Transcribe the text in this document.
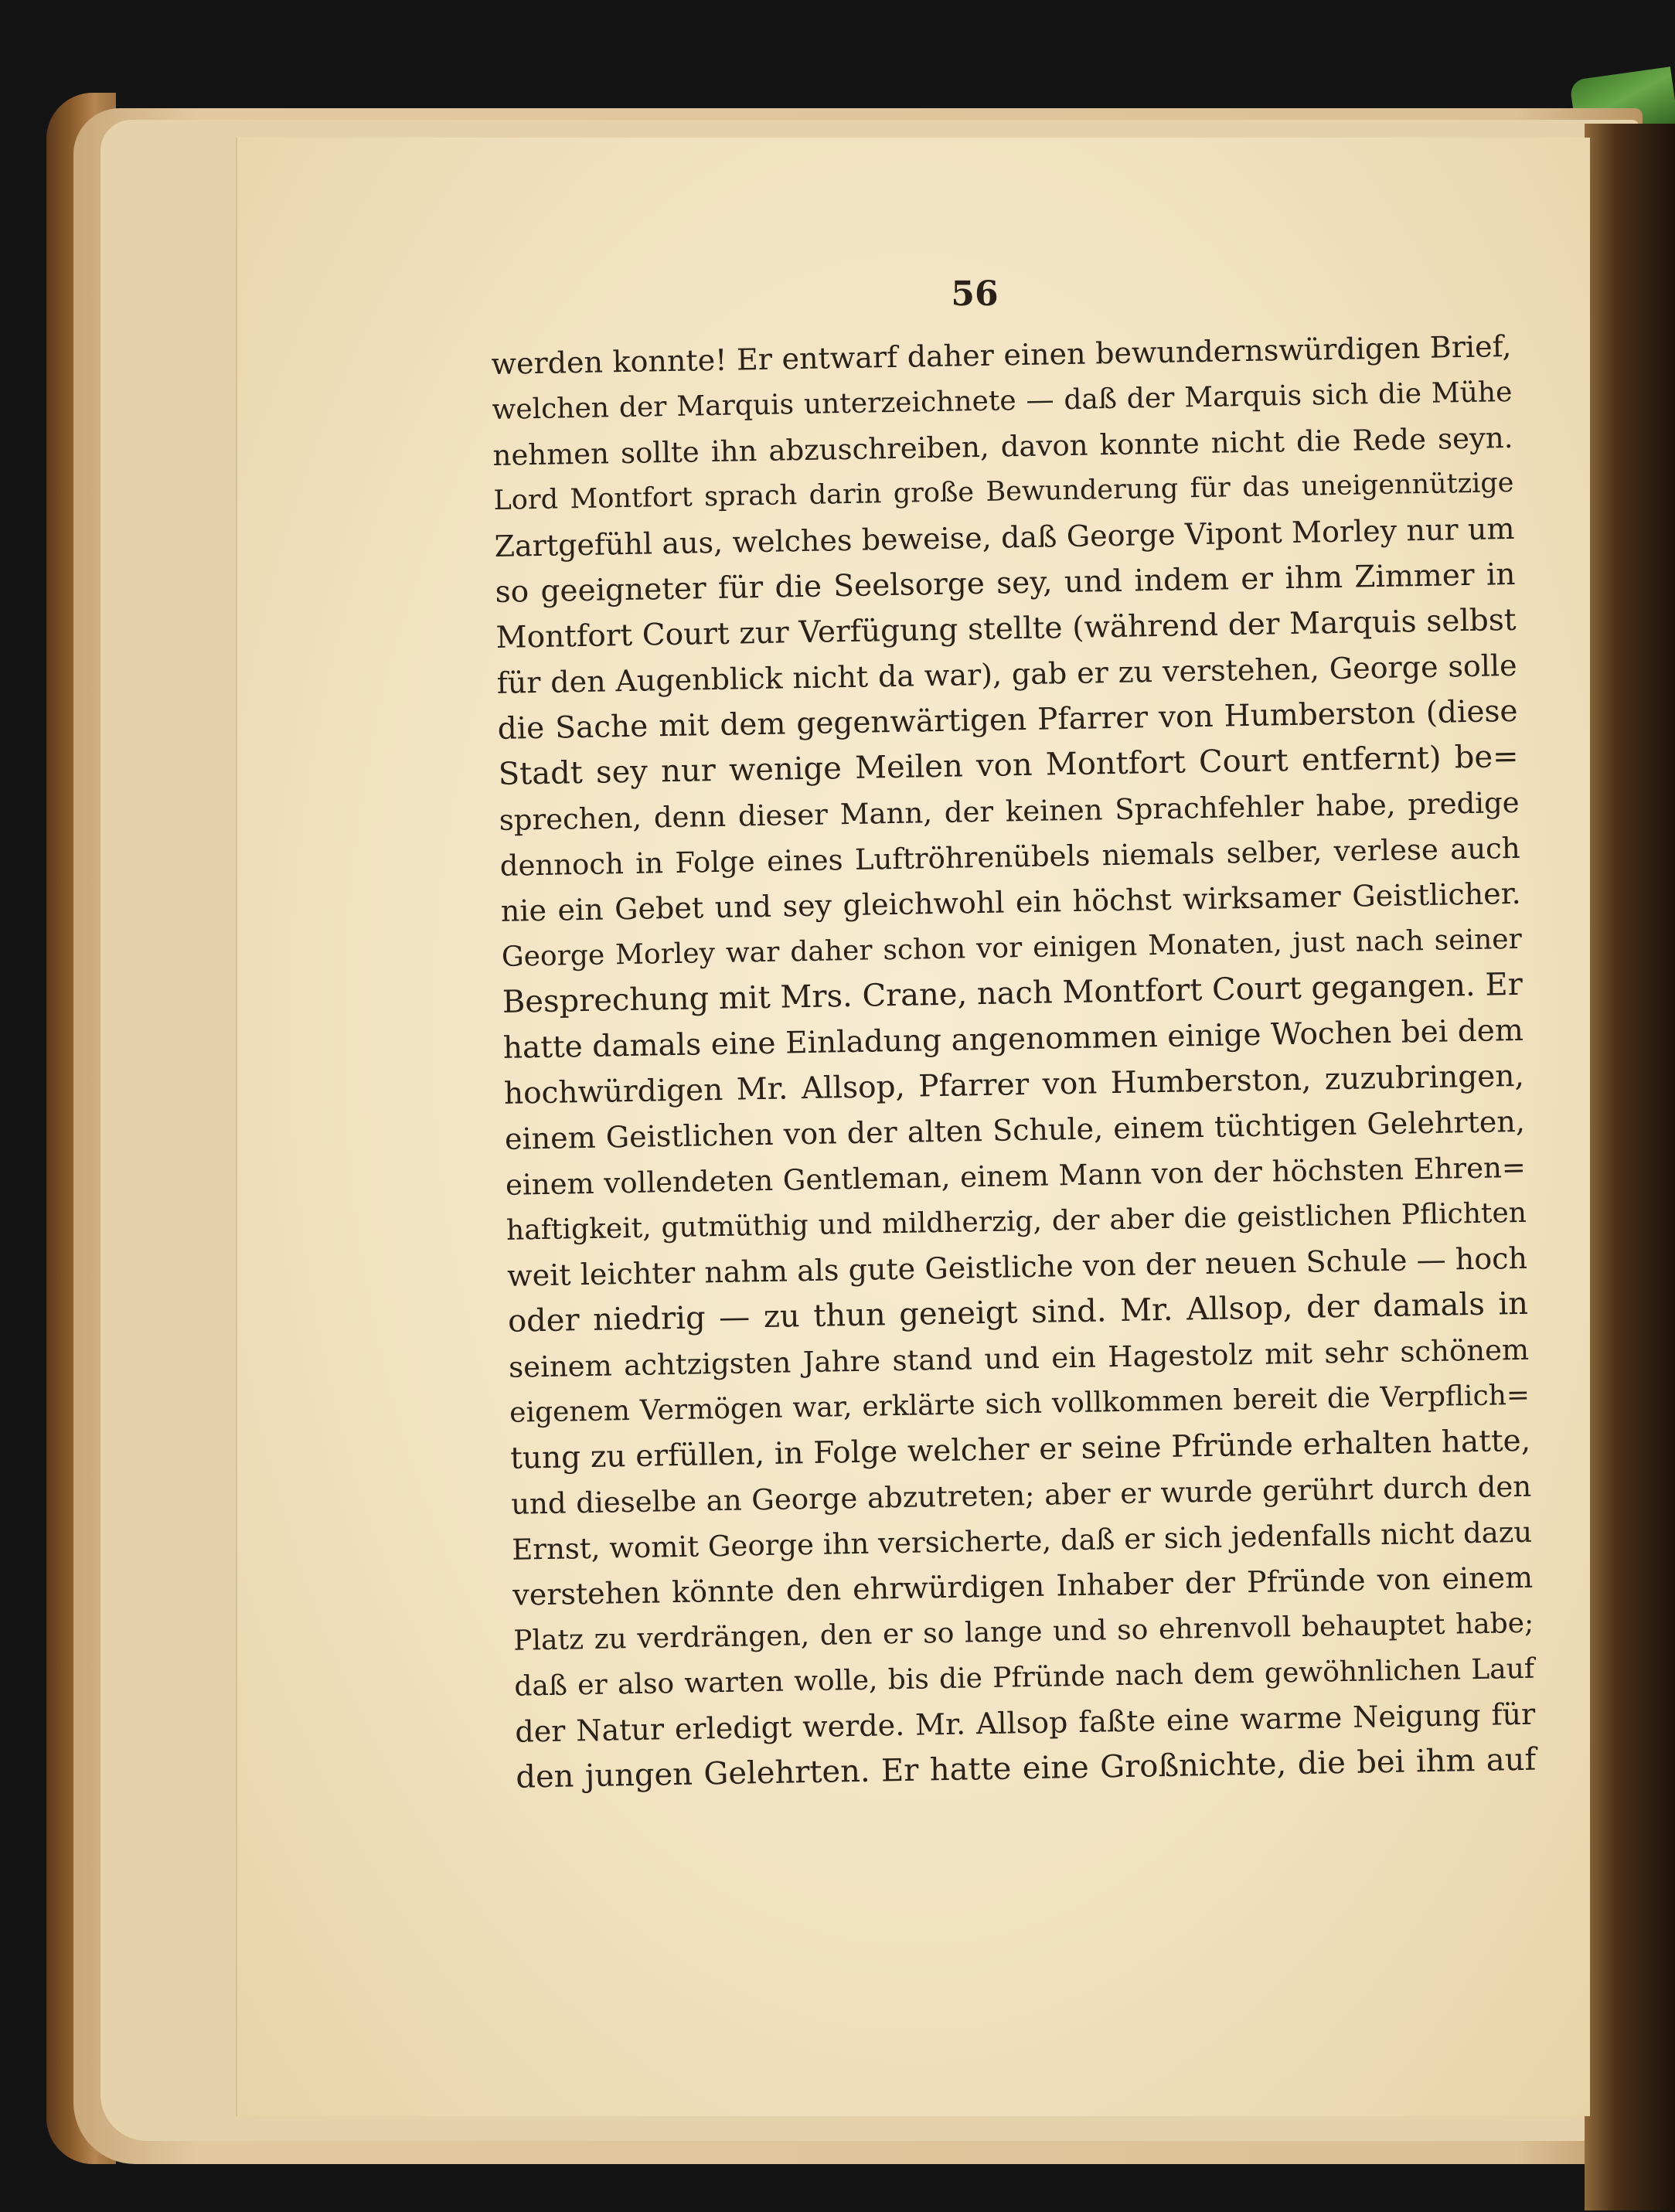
56
werden konnte! Er entwarf daher einen bewundernswürdigen Brief,
welchen der Marquis unterzeichnete — daß der Marquis sich die Mühe
nehmen sollte ihn abzuschreiben, davon konnte nicht die Rede seyn.
Lord Montfort sprach darin große Bewunderung für das uneigennützige
Zartgefühl aus, welches beweise, daß George Vipont Morley nur um
so geeigneter für die Seelsorge sey, und indem er ihm Zimmer in
Montfort Court zur Verfügung stellte (während der Marquis selbst
für den Augenblick nicht da war), gab er zu verstehen, George solle
die Sache mit dem gegenwärtigen Pfarrer von Humberston (diese
Stadt sey nur wenige Meilen von Montfort Court entfernt) be=
sprechen, denn dieser Mann, der keinen Sprachfehler habe, predige
dennoch in Folge eines Luftröhrenübels niemals selber, verlese auch
nie ein Gebet und sey gleichwohl ein höchst wirksamer Geistlicher.
George Morley war daher schon vor einigen Monaten, just nach seiner
Besprechung mit Mrs. Crane, nach Montfort Court gegangen. Er
hatte damals eine Einladung angenommen einige Wochen bei dem
hochwürdigen Mr. Allsop, Pfarrer von Humberston, zuzubringen,
einem Geistlichen von der alten Schule, einem tüchtigen Gelehrten,
einem vollendeten Gentleman, einem Mann von der höchsten Ehren=
haftigkeit, gutmüthig und mildherzig, der aber die geistlichen Pflichten
weit leichter nahm als gute Geistliche von der neuen Schule — hoch
oder niedrig — zu thun geneigt sind. Mr. Allsop, der damals in
seinem achtzigsten Jahre stand und ein Hagestolz mit sehr schönem
eigenem Vermögen war, erklärte sich vollkommen bereit die Verpflich=
tung zu erfüllen, in Folge welcher er seine Pfründe erhalten hatte,
und dieselbe an George abzutreten; aber er wurde gerührt durch den
Ernst, womit George ihn versicherte, daß er sich jedenfalls nicht dazu
verstehen könnte den ehrwürdigen Inhaber der Pfründe von einem
Platz zu verdrängen, den er so lange und so ehrenvoll behauptet habe;
daß er also warten wolle, bis die Pfründe nach dem gewöhnlichen Lauf
der Natur erledigt werde. Mr. Allsop faßte eine warme Neigung für
den jungen Gelehrten. Er hatte eine Großnichte, die bei ihm auf
